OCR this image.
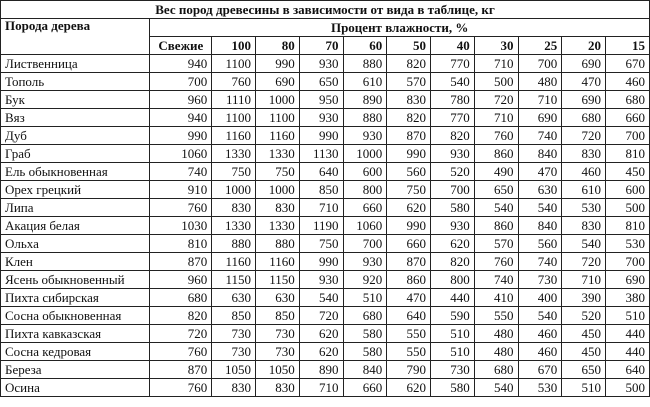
Вес пород древесины в зависимости от вида в таблице, кг											
Порода дерева	Процент влажности, %										
	Свежие	100	80	70	60	50	40	30	25	20	15
Лиственница	940	1100	990	930	880	820	770	710	700	690	670
Тополь	700	760	690	650	610	570	540	500	480	470	460
Бук	960	1110	1000	950	890	830	780	720	710	690	680
Вяз	940	1100	1100	930	880	820	770	710	690	680	660
Дуб	990	1160	1160	990	930	870	820	760	740	720	700
Граб	1060	1330	1330	1130	1000	990	930	860	840	830	810
Ель обыкновенная	740	750	750	640	600	560	520	490	470	460	450
Орех грецкий	910	1000	1000	850	800	750	700	650	630	610	600
Липа	760	830	830	710	660	620	580	540	540	530	500
Акация белая	1030	1330	1330	1190	1060	990	930	860	840	830	810
Ольха	810	880	880	750	700	660	620	570	560	540	530
Клен	870	1160	1160	990	930	870	820	760	740	720	700
Ясень обыкновенный	960	1150	1150	930	920	860	800	740	730	710	690
Пихта сибирская	680	630	630	540	510	470	440	410	400	390	380
Сосна обыкновенная	820	850	850	720	680	640	590	550	540	520	510
Пихта кавказская	720	730	730	620	580	550	510	480	460	450	440
Сосна кедровая	760	730	730	620	580	550	510	480	460	450	440
Береза	870	1050	1050	890	840	790	730	680	670	650	640
Осина	760	830	830	710	660	620	580	540	530	510	500
